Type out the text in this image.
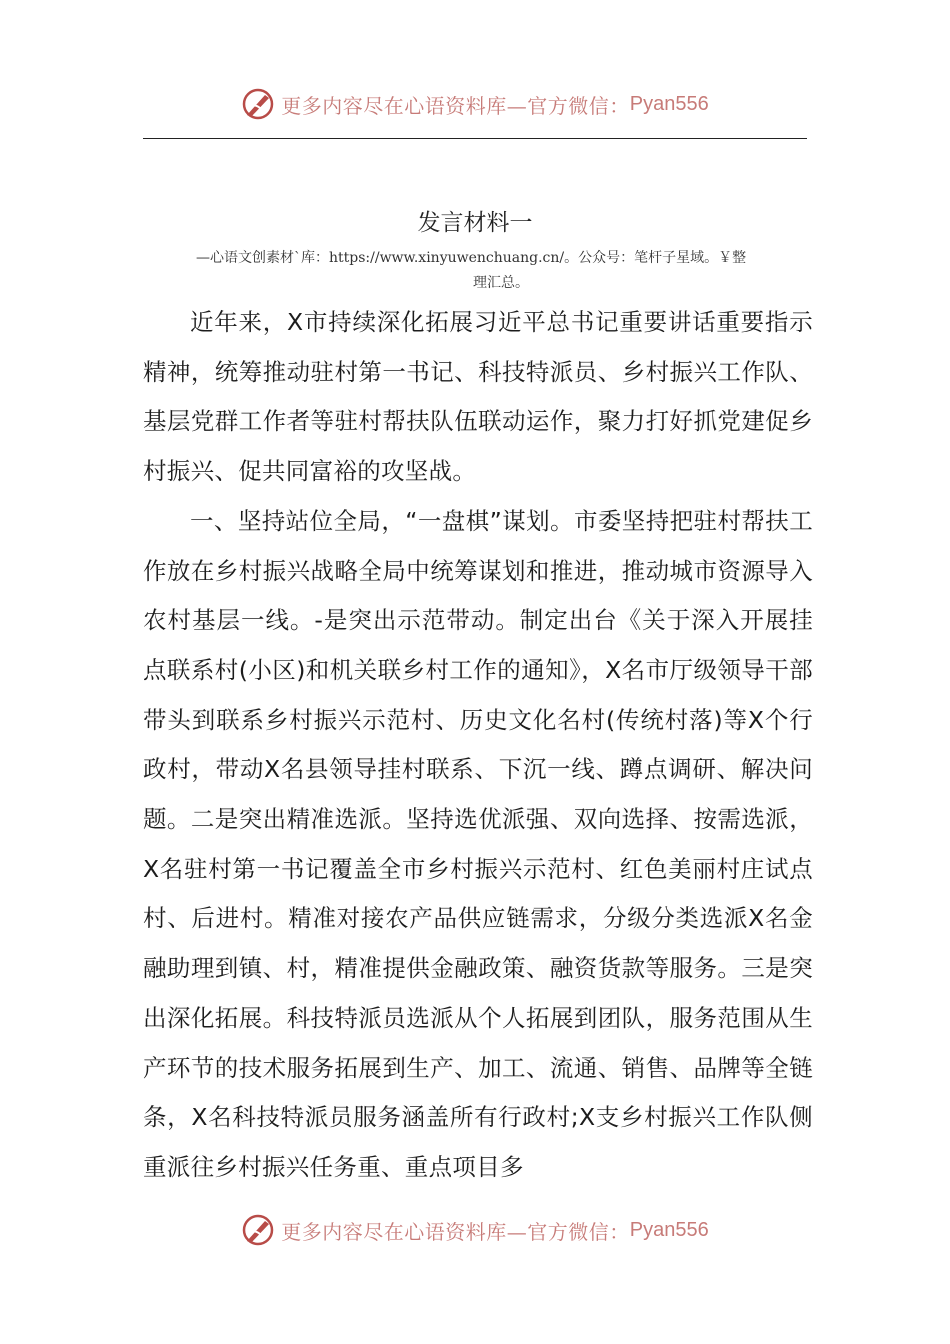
更多内容尽在心语资料库—官方微信： Pyan556
发言材料一
—心语文创素材`库：https://www.xinyuwenchuang.cn/。公众号：笔杆子星域。￥整
理汇总。

近年来，X市持续深化拓展习近平总书记重要讲话重要指示精神，统筹推动驻村第一书记、科技特派员、乡村振兴工作队、基层党群工作者等驻村帮扶队伍联动运作，聚力打好抓党建促乡村振兴、促共同富裕的攻坚战。

一、坚持站位全局，“一盘棋”谋划。市委坚持把驻村帮扶工作放在乡村振兴战略全局中统筹谋划和推进，推动城市资源导入农村基层一线。-是突出示范带动。制定出台《关于深入开展挂点联系村(小区)和机关联乡村工作的通知》，X名市厅级领导干部带头到联系乡村振兴示范村、历史文化名村(传统村落)等X个行政村，带动X名县领导挂村联系、下沉一线、蹲点调研、解决问题。二是突出精准选派。坚持选优派强、双向选择、按需选派，X名驻村第一书记覆盖全市乡村振兴示范村、红色美丽村庄试点村、后进村。精准对接农产品供应链需求，分级分类选派X名金融助理到镇、村，精准提供金融政策、融资货款等服务。三是突出深化拓展。科技特派员选派从个人拓展到团队，服务范围从生产环节的技术服务拓展到生产、加工、流通、销售、品牌等全链条，X名科技特派员服务涵盖所有行政村;X支乡村振兴工作队侧重派往乡村振兴任务重、重点项目多

更多内容尽在心语资料库—官方微信： Pyan556
